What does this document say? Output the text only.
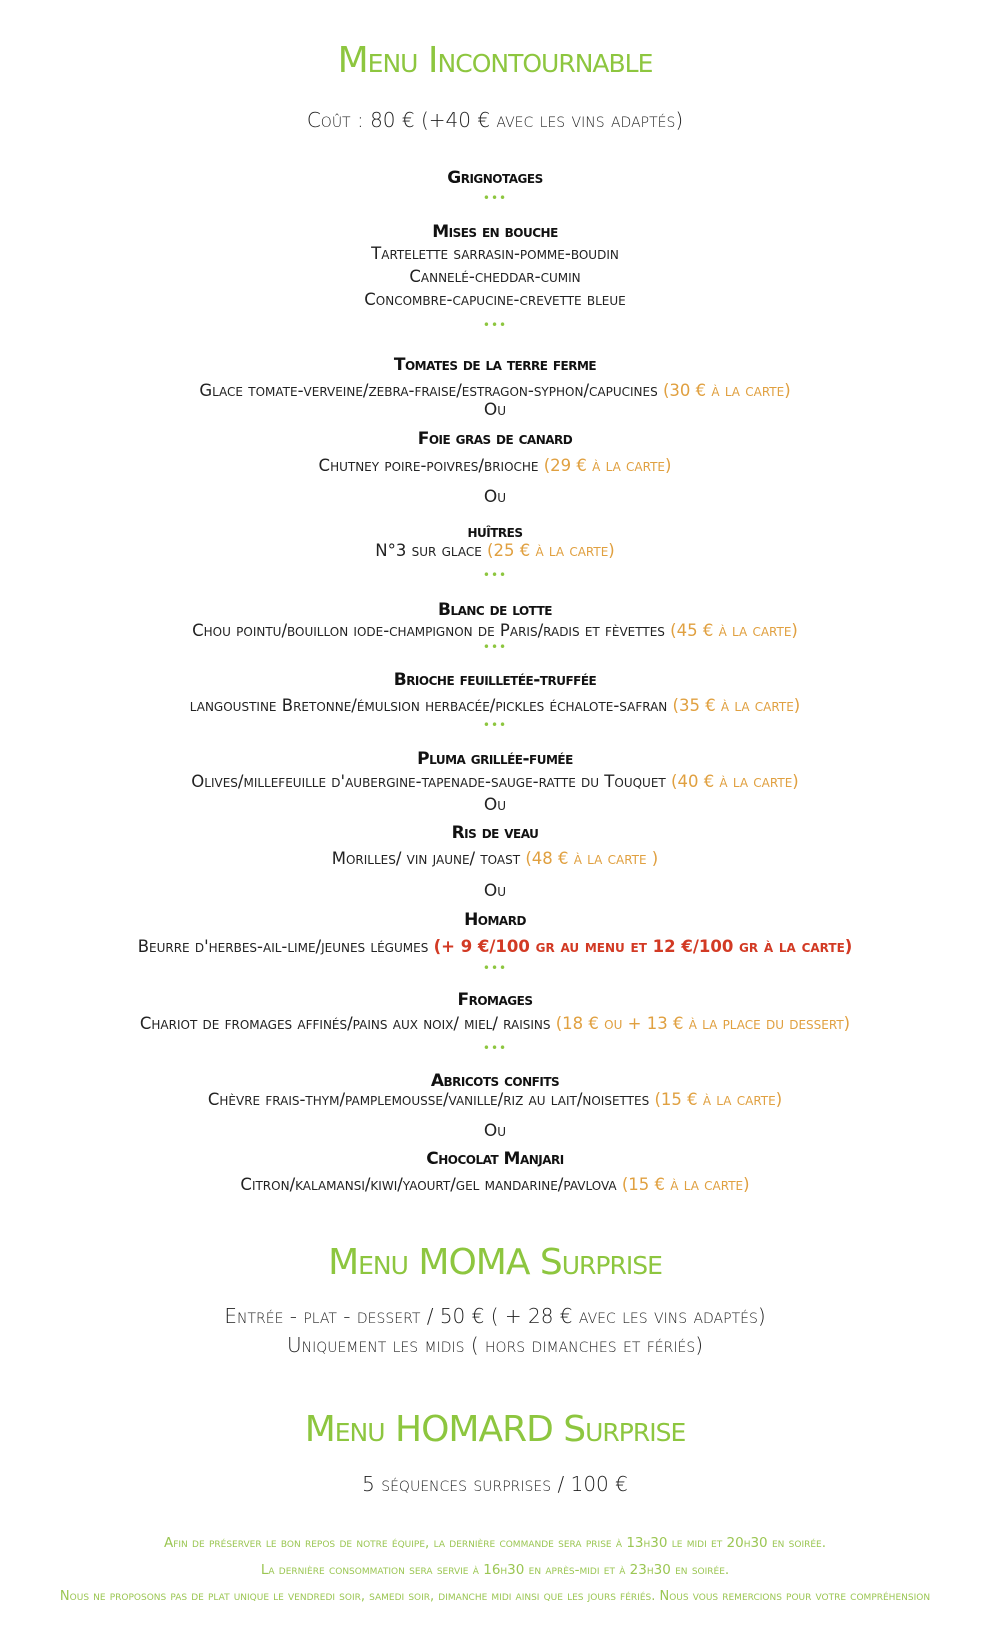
Menu Incontournable
Coût : 80 € (+40 € avec les vins adaptés)
Grignotages
•••
Mises en bouche
Tartelette sarrasin-pomme-boudin
Cannelé-cheddar-cumin
Concombre-capucine-crevette bleue
•••
Tomates de la terre ferme
Glace tomate-verveine/zebra-fraise/estragon-syphon/capucines (30 € à la carte)
Ou
Foie gras de canard
Chutney poire-poivres/brioche (29 € à la carte)
Ou
huîtres
N°3 sur glace (25 € à la carte)
•••
Blanc de lotte
Chou pointu/bouillon iode-champignon de Paris/radis et fèvettes (45 € à la carte)
•••
Brioche feuilletée-truffée
langoustine Bretonne/émulsion herbacée/pickles échalote-safran (35 € à la carte)
•••
Pluma grillée-fumée
Olives/millefeuille d'aubergine-tapenade-sauge-ratte du Touquet (40 € à la carte)
Ou
Ris de veau
Morilles/ vin jaune/ toast (48 € à la carte )
Ou
Homard
Beurre d'herbes-ail-lime/jeunes légumes (+ 9 €/100 gr au menu et 12 €/100 gr à la carte)
•••
Fromages
Chariot de fromages affinés/pains aux noix/ miel/ raisins (18 € ou + 13 € à la place du dessert)
•••
Abricots confits
Chèvre frais-thym/pamplemousse/vanille/riz au lait/noisettes (15 € à la carte)
Ou
Chocolat Manjari
Citron/kalamansi/kiwi/yaourt/gel mandarine/pavlova (15 € à la carte)
Menu MOMA Surprise
Entrée - plat - dessert / 50 € ( + 28 € avec les vins adaptés)
Uniquement les midis ( hors dimanches et fériés)
Menu HOMARD Surprise
5 séquences surprises / 100 €
Afin de préserver le bon repos de notre équipe, la dernière commande sera prise à 13h30 le midi et 20h30 en soirée.
La dernière consommation sera servie à 16h30 en après-midi et à 23h30 en soirée.
Nous ne proposons pas de plat unique le vendredi soir, samedi soir, dimanche midi ainsi que les jours fériés. Nous vous remercions pour votre compréhension
